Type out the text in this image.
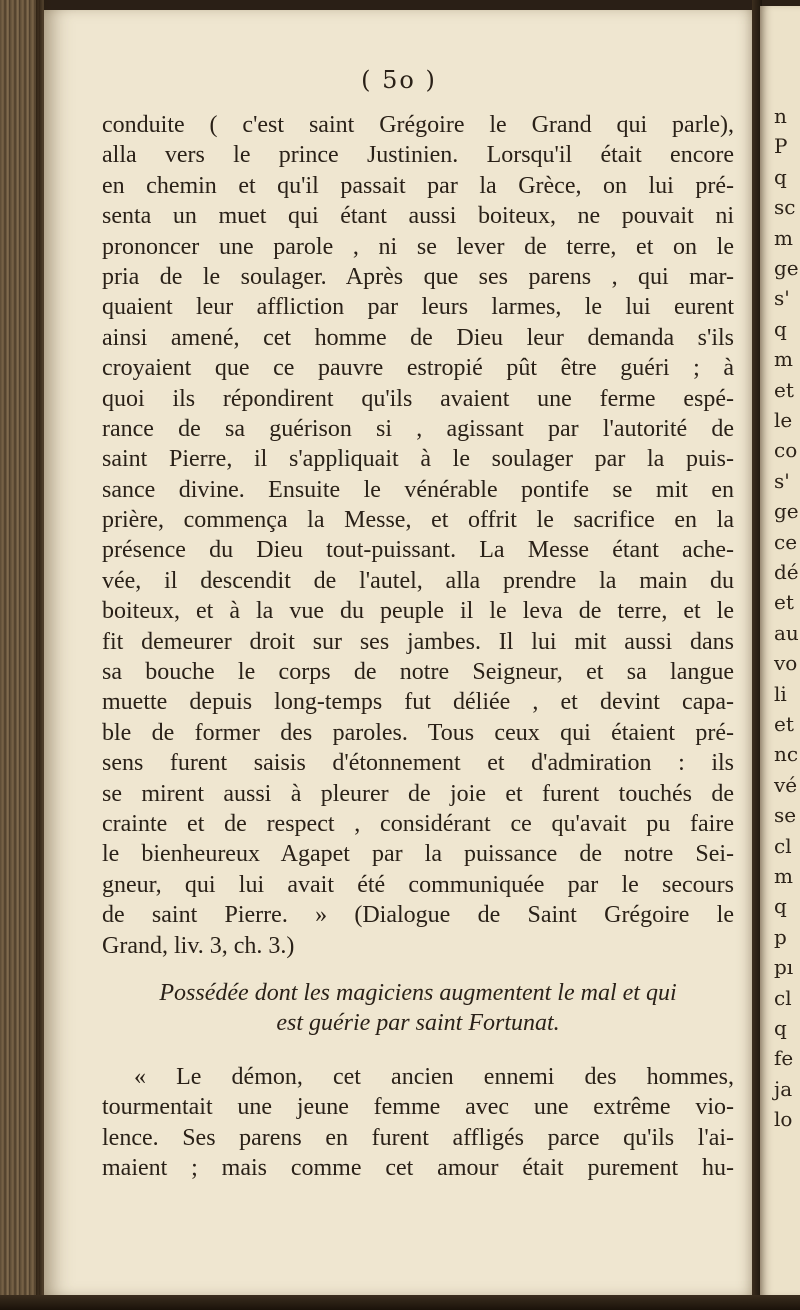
( 5o )
conduite ( c'est saint Grégoire le Grand qui parle),
alla vers le prince Justinien. Lorsqu'il était encore
en chemin et qu'il passait par la Grèce, on lui pré-
senta un muet qui étant aussi boiteux, ne pouvait ni
prononcer une parole , ni se lever de terre, et on le
pria de le soulager. Après que ses parens , qui mar-
quaient leur affliction par leurs larmes, le lui eurent
ainsi amené, cet homme de Dieu leur demanda s'ils
croyaient que ce pauvre estropié pût être guéri ; à
quoi ils répondirent qu'ils avaient une ferme espé-
rance de sa guérison si , agissant par l'autorité de
saint Pierre, il s'appliquait à le soulager par la puis-
sance divine. Ensuite le vénérable pontife se mit en
prière, commença la Messe, et offrit le sacrifice en la
présence du Dieu tout-puissant. La Messe étant ache-
vée, il descendit de l'autel, alla prendre la main du
boiteux, et à la vue du peuple il le leva de terre, et le
fit demeurer droit sur ses jambes. Il lui mit aussi dans
sa bouche le corps de notre Seigneur, et sa langue
muette depuis long-temps fut déliée , et devint capa-
ble de former des paroles. Tous ceux qui étaient pré-
sens furent saisis d'étonnement et d'admiration : ils
se mirent aussi à pleurer de joie et furent touchés de
crainte et de respect , considérant ce qu'avait pu faire
le bienheureux Agapet par la puissance de notre Sei-
gneur, qui lui avait été communiquée par le secours
de saint Pierre. » (Dialogue de Saint Grégoire le
Grand, liv. 3, ch. 3.)
Possédée dont les magiciens augmentent le mal et qui
est guérie par saint Fortunat.
« Le démon, cet ancien ennemi des hommes,
tourmentait une jeune femme avec une extrême vio-
lence. Ses parens en furent affligés parce qu'ils l'ai-
maient ; mais comme cet amour était purement hu-
n
P
q
sc
m
ge
s'
q
m
et
le
co
s'
ge
ce
dé
et
au
vo
li
et
nc
vé
se
cl
m
q
p
pı
cl
q
fe
ja
lo
